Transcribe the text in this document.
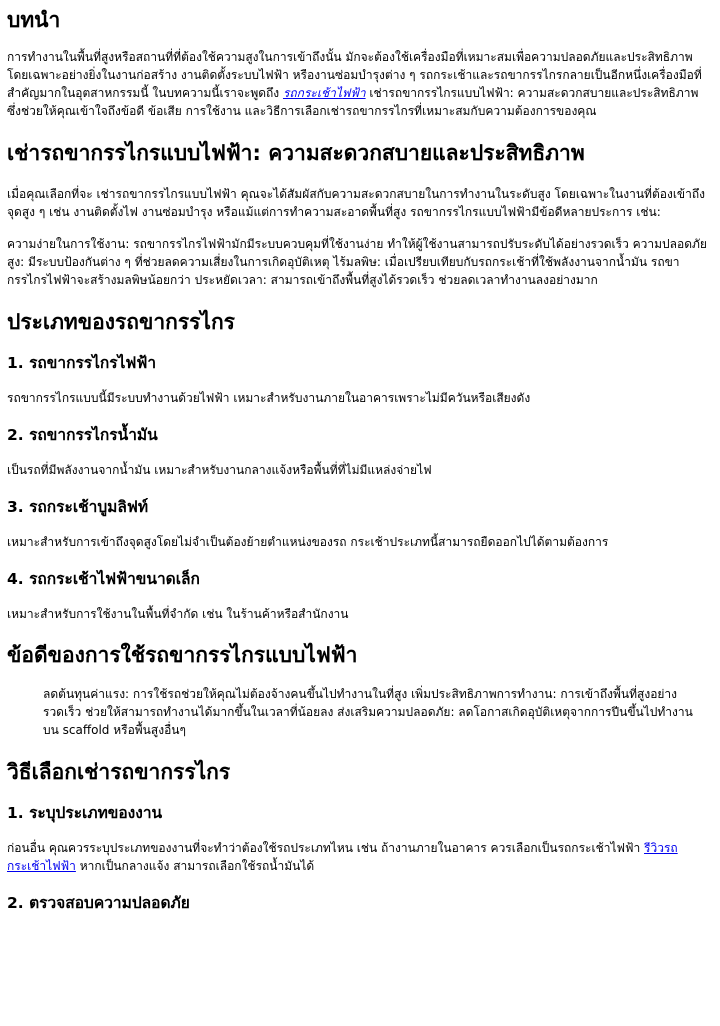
บทนำ

การทำงานในพื้นที่สูงหรือสถานที่ที่ต้องใช้ความสูงในการเข้าถึงนั้น มักจะต้องใช้เครื่องมือที่เหมาะสมเพื่อความปลอดภัยและประสิทธิภาพ โดยเฉพาะอย่างยิ่งในงานก่อสร้าง งานติดตั้งระบบไฟฟ้า หรืองานซ่อมบำรุงต่าง ๆ รถกระเช้าและรถขากรรไกรกลายเป็นอีกหนึ่งเครื่องมือที่สำคัญมากในอุตสาหกรรมนี้ ในบทความนี้เราจะพูดถึง รถกระเช้าไฟฟ้า เช่ารถขากรรไกรแบบไฟฟ้า: ความสะดวกสบายและประสิทธิภาพ ซึ่งช่วยให้คุณเข้าใจถึงข้อดี ข้อเสีย การใช้งาน และวิธีการเลือกเช่ารถขากรรไกรที่เหมาะสมกับความต้องการของคุณ

เช่ารถขากรรไกรแบบไฟฟ้า: ความสะดวกสบายและประสิทธิภาพ

เมื่อคุณเลือกที่จะ เช่ารถขากรรไกรแบบไฟฟ้า คุณจะได้สัมผัสกับความสะดวกสบายในการทำงานในระดับสูง โดยเฉพาะในงานที่ต้องเข้าถึงจุดสูง ๆ เช่น งานติดตั้งไฟ งานซ่อมบำรุง หรือแม้แต่การทำความสะอาดพื้นที่สูง รถขากรรไกรแบบไฟฟ้ามีข้อดีหลายประการ เช่น:

ความง่ายในการใช้งาน: รถขากรรไกรไฟฟ้ามักมีระบบควบคุมที่ใช้งานง่าย ทำให้ผู้ใช้งานสามารถปรับระดับได้อย่างรวดเร็ว ความปลอดภัยสูง: มีระบบป้องกันต่าง ๆ ที่ช่วยลดความเสี่ยงในการเกิดอุบัติเหตุ ไร้มลพิษ: เมื่อเปรียบเทียบกับรถกระเช้าที่ใช้พลังงานจากน้ำมัน รถขากรรไกรไฟฟ้าจะสร้างมลพิษน้อยกว่า ประหยัดเวลา: สามารถเข้าถึงพื้นที่สูงได้รวดเร็ว ช่วยลดเวลาทำงานลงอย่างมาก

ประเภทของรถขากรรไกร
1. รถขากรรไกรไฟฟ้า

รถขากรรไกรแบบนี้มีระบบทำงานด้วยไฟฟ้า เหมาะสำหรับงานภายในอาคารเพราะไม่มีควันหรือเสียงดัง

2. รถขากรรไกรน้ำมัน

เป็นรถที่มีพลังงานจากน้ำมัน เหมาะสำหรับงานกลางแจ้งหรือพื้นที่ที่ไม่มีแหล่งจ่ายไฟ

3. รถกระเช้าบูมลิฟท์

เหมาะสำหรับการเข้าถึงจุดสูงโดยไม่จำเป็นต้องย้ายตำแหน่งของรถ กระเช้าประเภทนี้สามารถยืดออกไปได้ตามต้องการ

4. รถกระเช้าไฟฟ้าขนาดเล็ก

เหมาะสำหรับการใช้งานในพื้นที่จำกัด เช่น ในร้านค้าหรือสำนักงาน

ข้อดีของการใช้รถขากรรไกรแบบไฟฟ้า

ลดต้นทุนค่าแรง: การใช้รถช่วยให้คุณไม่ต้องจ้างคนขึ้นไปทำงานในที่สูง เพิ่มประสิทธิภาพการทำงาน: การเข้าถึงพื้นที่สูงอย่างรวดเร็ว ช่วยให้สามารถทำงานได้มากขึ้นในเวลาที่น้อยลง ส่งเสริมความปลอดภัย: ลดโอกาสเกิดอุบัติเหตุจากการปีนขึ้นไปทำงานบน scaffold หรือพื้นสูงอื่นๆ

วิธีเลือกเช่ารถขากรรไกร
1. ระบุประเภทของงาน

ก่อนอื่น คุณควรระบุประเภทของงานที่จะทำว่าต้องใช้รถประเภทไหน เช่น ถ้างานภายในอาคาร ควรเลือกเป็นรถกระเช้าไฟฟ้า รีวิวรถกระเช้าไฟฟ้า หากเป็นกลางแจ้ง สามารถเลือกใช้รถน้ำมันได้

2. ตรวจสอบความปลอดภัย
